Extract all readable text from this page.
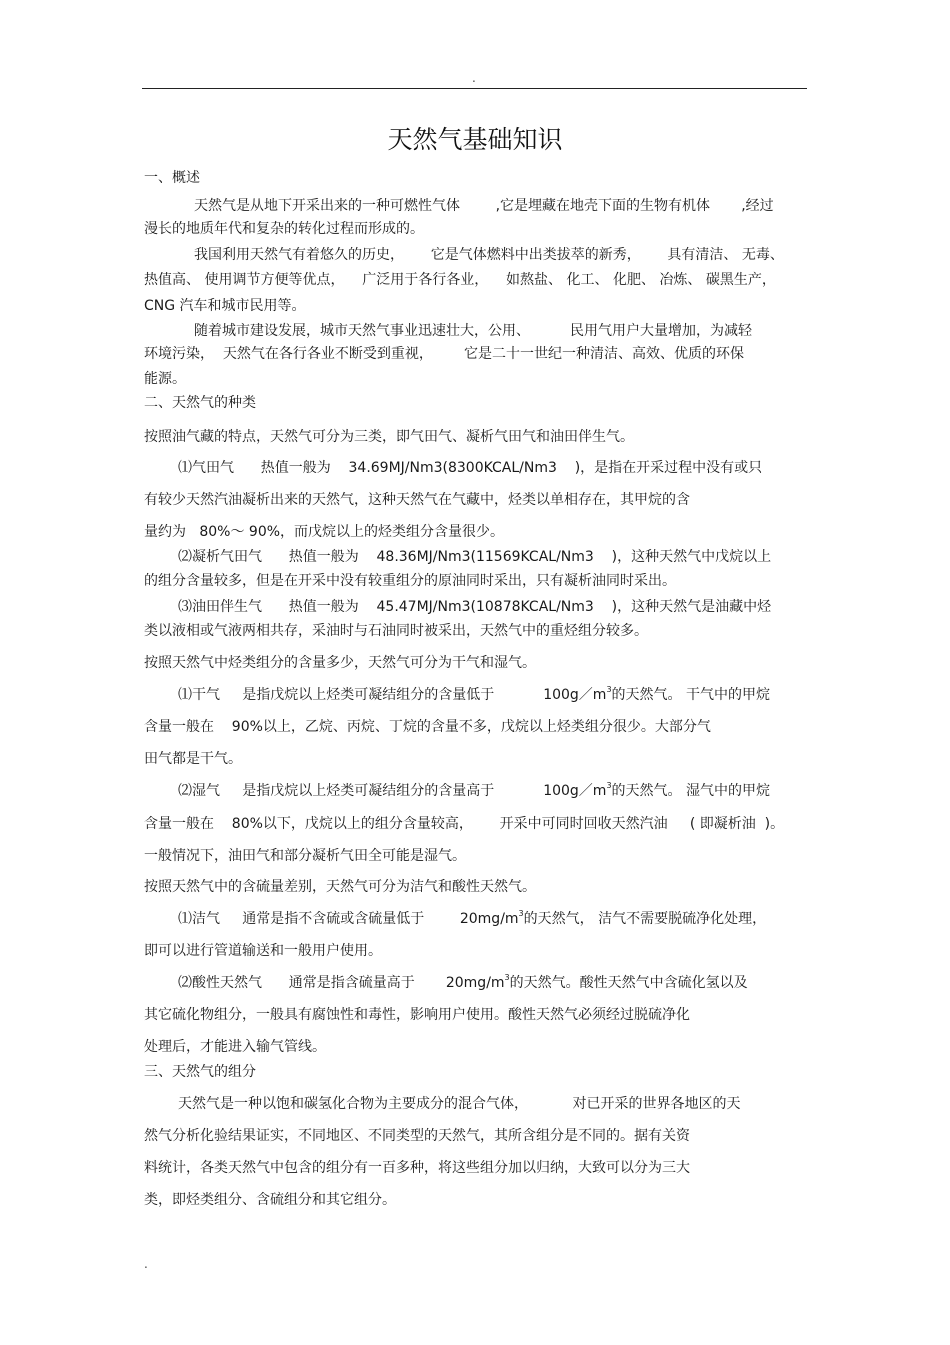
.
天然气基础知识
一、概述
天然气是从地下开采出来的一种可燃性气体        ,它是埋藏在地壳下面的生物有机体       ,经过
漫长的地质年代和复杂的转化过程而形成的。
我国利用天然气有着悠久的历史，      它是气体燃料中出类拔萃的新秀，      具有清洁、 无毒、
热值高、 使用调节方便等优点，    广泛用于各行各业，    如熬盐、 化工、 化肥、 冶炼、 碳黑生产，
CNG 汽车和城市民用等。
随着城市建设发展，城市天然气事业迅速壮大，公用、         民用气用户大量增加，为减轻
环境污染，  天然气在各行各业不断受到重视，       它是二十一世纪一种清洁、高效、优质的环保
能源。
二、天然气的种类
按照油气藏的特点，天然气可分为三类，即气田气、凝析气田气和油田伴生气。
⑴气田气      热值一般为    34.69MJ/Nm3(8300KCAL/Nm3    )，是指在开采过程中没有或只
有较少天然汽油凝析出来的天然气，这种天然气在气藏中，烃类以单相存在，其甲烷的含
量约为   80%～ 90%，而戊烷以上的烃类组分含量很少。
⑵凝析气田气      热值一般为    48.36MJ/Nm3(11569KCAL/Nm3    )，这种天然气中戊烷以上
的组分含量较多，但是在开采中没有较重组分的原油同时采出，只有凝析油同时采出。
⑶油田伴生气      热值一般为    45.47MJ/Nm3(10878KCAL/Nm3    )，这种天然气是油藏中烃
类以液相或气液两相共存，采油时与石油同时被采出，天然气中的重烃组分较多。
按照天然气中烃类组分的含量多少，天然气可分为干气和湿气。
⑴干气     是指戊烷以上烃类可凝结组分的含量低于           $100g/m^3$的天然气。 干气中的甲烷
含量一般在    90%以上，乙烷、丙烷、丁烷的含量不多，戊烷以上烃类组分很少。大部分气
田气都是干气。
⑵湿气     是指戊烷以上烃类可凝结组分的含量高于           $100g/m^3$的天然气。 湿气中的甲烷
含量一般在    80%以下，戊烷以上的组分含量较高，      开采中可同时回收天然汽油     ( 即凝析油  )。
一般情况下，油田气和部分凝析气田全可能是湿气。
按照天然气中的含硫量差别，天然气可分为洁气和酸性天然气。
⑴洁气     通常是指不含硫或含硫量低于        $20mg/m^3$的天然气， 洁气不需要脱硫净化处理，
即可以进行管道输送和一般用户使用。
⑵酸性天然气      通常是指含硫量高于       $20mg/m^3$的天然气。酸性天然气中含硫化氢以及
其它硫化物组分，一般具有腐蚀性和毒性，影响用户使用。酸性天然气必须经过脱硫净化
处理后，才能进入输气管线。
三、天然气的组分
天然气是一种以饱和碳氢化合物为主要成分的混合气体，          对已开采的世界各地区的天
然气分析化验结果证实，不同地区、不同类型的天然气，其所含组分是不同的。据有关资
料统计，各类天然气中包含的组分有一百多种，将这些组分加以归纳，大致可以分为三大
类，即烃类组分、含硫组分和其它组分。
.
